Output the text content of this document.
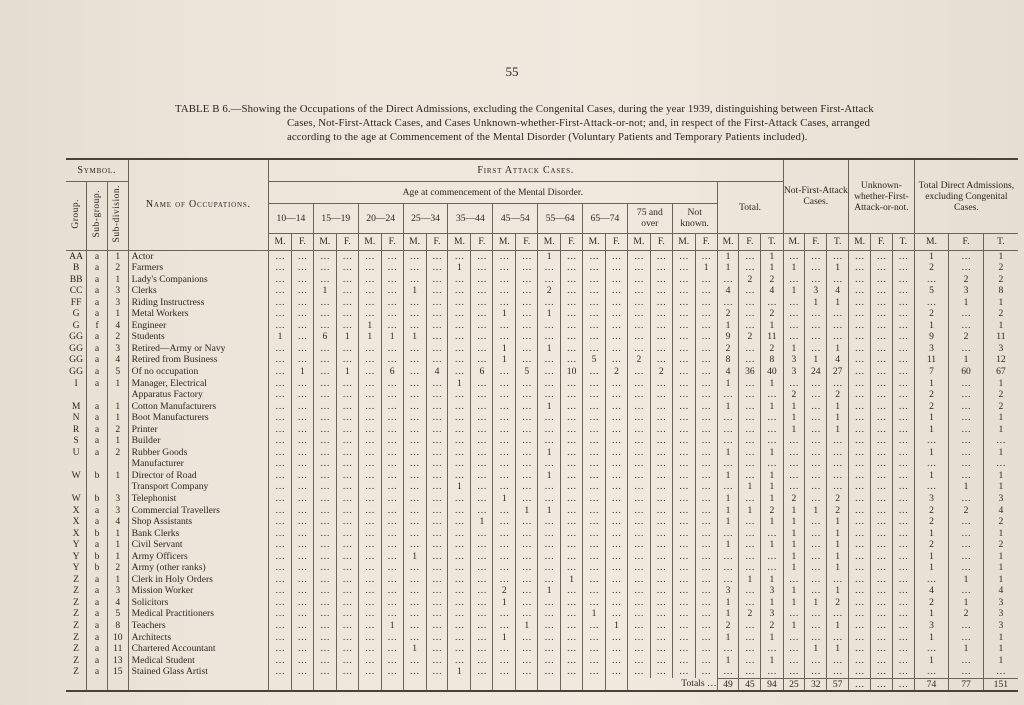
55
TABLE B 6.—Showing the Occupations of the Direct Admissions, excluding the Congenital Cases, during the year 1939, distinguishing between First-Attack
Cases, Not-First-Attack Cases, and Cases Unknown-whether-First-Attack-or-not; and, in respect of the First-Attack Cases, arranged
according to the age at Commencement of the Mental Disorder (Voluntary Patients and Temporary Patients included).
Symbol.			Name of Occupations.	First Attack Cases.																							Not-First-Attack Cases.			Unknown-whether-First-Attack-or-not.			Total Direct Admissions, excluding Congenital Cases.		
Group.	Sub-group.	Sub-division.		Age at commencement of the Mental Disorder.																				Total.											
				10—14		15—19		20—24		25—34		35—44		45—54		55—64		65—74		75 and over		Not known.													
				M.	F.	M.	F.	M.	F.	M.	F.	M.	F.	M.	F.	M.	F.	M.	F.	M.	F.	M.	F.	M.	F.	T.	M.	F.	T.	M.	F.	T.	M.	F.	T.
AA	a	1	Actor	…	…	…	…	…	…	…	…	…	…	…	…	1	…	…	…	…	…	…	…	1	…	1	…	…	…	…	…	…	1	…	1
B	a	2	Farmers	…	…	…	…	…	…	…	…	1	…	…	…	…	…	…	…	…	…	…	1	1	…	1	1	…	1	…	…	…	2	…	2
BB	a	1	Lady's Companions	…	…	…	…	…	…	…	…	…	…	…	…	…	…	…	…	…	…	…	…	…	2	2	…	…	…	…	…	…	…	2	2
CC	a	3	Clerks	…	…	1	…	…	…	1	…	…	…	…	…	2	…	…	…	…	…	…	…	4	…	4	1	3	4	…	…	…	5	3	8
FF	a	3	Riding Instructress	…	…	…	…	…	…	…	…	…	…	…	…	…	…	…	…	…	…	…	…	…	…	…	…	1	1	…	…	…	…	1	1
G	a	1	Metal Workers	…	…	…	…	…	…	…	…	…	…	1	…	1	…	…	…	…	…	…	…	2	…	2	…	…	…	…	…	…	2	…	2
G	f	4	Engineer	…	…	…	…	1	…	…	…	…	…	…	…	…	…	…	…	…	…	…	…	1	…	1	…	…	…	…	…	…	1	…	1
GG	a	2	Students	1	…	6	1	1	1	1	…	…	…	…	…	…	…	…	…	…	…	…	…	9	2	11	…	…	…	…	…	…	9	2	11
GG	a	3	Retired—Army or Navy	…	…	…	…	…	…	…	…	…	…	1	…	1	…	…	…	…	…	…	…	2	…	2	1	…	1	…	…	…	3	…	3
GG	a	4	Retired from Business	…	…	…	…	…	…	…	…	…	…	1	…	…	…	5	…	2	…	…	…	8	…	8	3	1	4	…	…	…	11	1	12
GG	a	5	Of no occupation	…	1	…	1	…	6	…	4	…	6	…	5	…	10	…	2	…	2	…	…	4	36	40	3	24	27	…	…	…	7	60	67
I	a	1	Manager, Electrical	…	…	…	…	…	…	…	…	1	…	…	…	…	…	…	…	…	…	…	…	1	…	1	…	…	…	…	…	…	1	…	1
			Apparatus Factory	…	…	…	…	…	…	…	…	…	…	…	…	…	…	…	…	…	…	…	…	…	…	…	2	…	2	…	…	…	2	…	2
M	a	1	Cotton Manufacturers	…	…	…	…	…	…	…	…	…	…	…	…	1	…	…	…	…	…	…	…	1	…	1	1	…	1	…	…	…	2	…	2
N	a	1	Boot Manufacturers	…	…	…	…	…	…	…	…	…	…	…	…	…	…	…	…	…	…	…	…	…	…	…	1	…	1	…	…	…	1	…	1
R	a	2	Printer	…	…	…	…	…	…	…	…	…	…	…	…	…	…	…	…	…	…	…	…	…	…	…	1	…	1	…	…	…	1	…	1
S	a	1	Builder	…	…	…	…	…	…	…	…	…	…	…	…	…	…	…	…	…	…	…	…	…	…	…	…	…	…	…	…	…	…	…	…
U	a	2	Rubber Goods	…	…	…	…	…	…	…	…	…	…	…	…	1	…	…	…	…	…	…	…	1	…	1	…	…	…	…	…	…	1	…	1
			Manufacturer	…	…	…	…	…	…	…	…	…	…	…	…	…	…	…	…	…	…	…	…	…	…	…	…	…	…	…	…	…	…	…	…
W	b	1	Director of Road	…	…	…	…	…	…	…	…	…	…	…	…	1	…	…	…	…	…	…	…	1	…	1	…	…	…	…	…	…	1	…	1
			Transport Company	…	…	…	…	…	…	…	…	1	…	…	…	…	…	…	…	…	…	…	…	…	1	1	…	…	…	…	…	…	…	1	1
W	b	3	Telephonist	…	…	…	…	…	…	…	…	…	…	1	…	…	…	…	…	…	…	…	…	1	…	1	2	…	2	…	…	…	3	…	3
X	a	3	Commercial Travellers	…	…	…	…	…	…	…	…	…	…	…	1	1	…	…	…	…	…	…	…	1	1	2	1	1	2	…	…	…	2	2	4
X	a	4	Shop Assistants	…	…	…	…	…	…	…	…	…	1	…	…	…	…	…	…	…	…	…	…	1	…	1	1	…	1	…	…	…	2	…	2
X	b	1	Bank Clerks	…	…	…	…	…	…	…	…	…	…	…	…	…	…	…	…	…	…	…	…	…	…	…	1	…	1	…	…	…	1	…	1
Y	a	1	Civil Servant	…	…	…	…	…	…	…	…	…	…	…	…	…	…	…	…	…	…	…	…	1	…	1	1	…	1	…	…	…	2	…	2
Y	b	1	Army Officers	…	…	…	…	…	…	1	…	…	…	…	…	…	…	…	…	…	…	…	…	…	…	…	1	…	1	…	…	…	1	…	1
Y	b	2	Army (other ranks)	…	…	…	…	…	…	…	…	…	…	…	…	…	…	…	…	…	…	…	…	…	…	…	1	…	1	…	…	…	1	…	1
Z	a	1	Clerk in Holy Orders	…	…	…	…	…	…	…	…	…	…	…	…	…	1	…	…	…	…	…	…	…	1	1	…	…	…	…	…	…	…	1	1
Z	a	3	Mission Worker	…	…	…	…	…	…	…	…	…	…	2	…	1	…	…	…	…	…	…	…	3	…	3	1	…	1	…	…	…	4	…	4
Z	a	4	Solicitors	…	…	…	…	…	…	…	…	…	…	1	…	…	…	…	…	…	…	…	…	1	…	1	1	1	2	…	…	…	2	1	3
Z	a	5	Medical Practitioners	…	…	…	…	…	…	…	…	…	…	…	…	…	…	1	…	…	…	…	…	1	2	3	…	…	…	…	…	…	1	2	3
Z	a	8	Teachers	…	…	…	…	…	1	…	…	…	…	…	1	…	…	…	1	…	…	…	…	2	…	2	1	…	1	…	…	…	3	…	3
Z	a	10	Architects	…	…	…	…	…	…	…	…	…	…	1	…	…	…	…	…	…	…	…	…	1	…	1	…	…	…	…	…	…	1	…	1
Z	a	11	Chartered Accountant	…	…	…	…	…	…	1	…	…	…	…	…	…	…	…	…	…	…	…	…	…	…	…	…	1	1	…	…	…	…	1	1
Z	a	13	Medical Student	…	…	…	…	…	…	…	…	…	…	…	…	…	…	…	…	…	…	…	…	1	…	1	…	…	…	…	…	…	1	…	1
Z	a	15	Stained Glass Artist	…	…	…	…	…	…	…	…	1	…	…	…	…	…	…	…	…	…	…	…	…	…	…	…	…	…	…	…	…	…	…	…
																				Totals …				49	45	94	25	32	57	…	…	…	74	77	151
